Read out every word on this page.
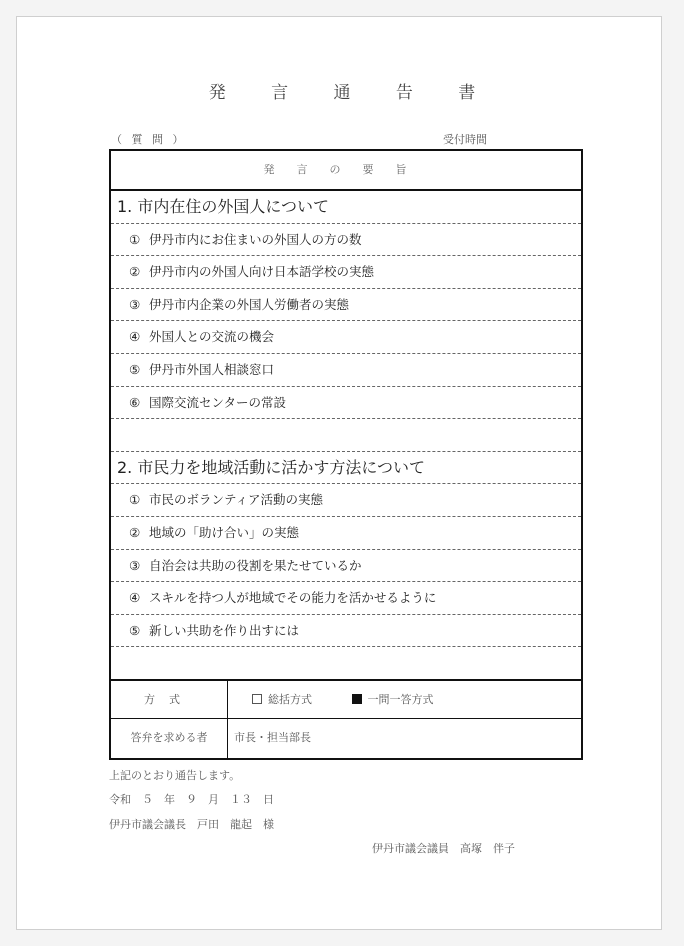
発 言 通 告 書
（ 質 問 ）	受付時間
発言の要旨
1. 市内在住の外国人について
① 伊丹市内にお住まいの外国人の方の数
② 伊丹市内の外国人向け日本語学校の実態
③ 伊丹市内企業の外国人労働者の実態
④ 外国人との交流の機会
⑤ 伊丹市外国人相談窓口
⑥ 国際交流センターの常設
2. 市民力を地域活動に活かす方法について
① 市民のボランティア活動の実態
② 地域の「助け合い」の実態
③ 自治会は共助の役割を果たせているか
④ スキルを持つ人が地域でその能力を活かせるように
⑤ 新しい共助を作り出すには
方式	総括方式	一問一答方式
答弁を求める者	市長・担当部長
上記のとおり通告します。
令和　５　年　９　月　１３　日
伊丹市議会議長　戸田　龍起　様
伊丹市議会議員　高塚　伴子
